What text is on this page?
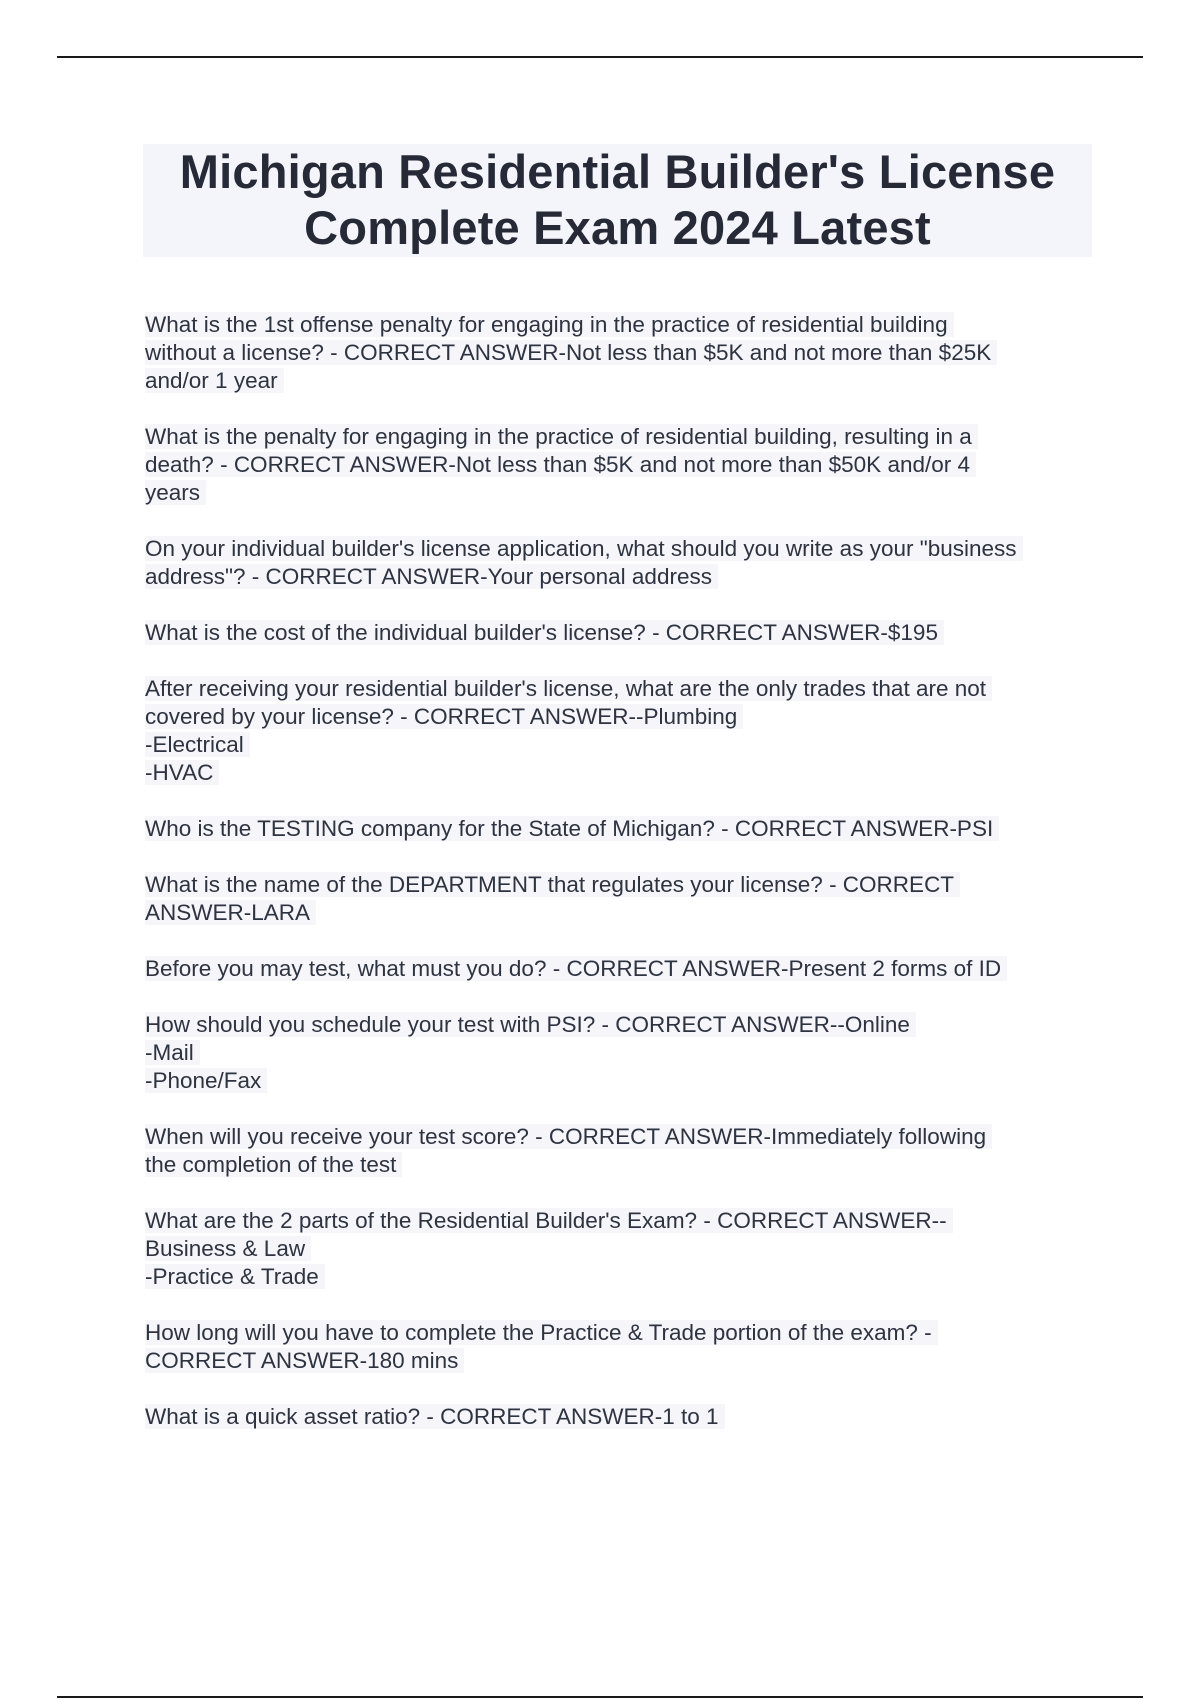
Michigan Residential Builder's License
Complete Exam 2024 Latest
What is the 1st offense penalty for engaging in the practice of residential building
without a license? - CORRECT ANSWER-Not less than $5K and not more than $25K
and/or 1 year
What is the penalty for engaging in the practice of residential building, resulting in a
death? - CORRECT ANSWER-Not less than $5K and not more than $50K and/or 4
years
On your individual builder's license application, what should you write as your "business
address"? - CORRECT ANSWER-Your personal address
What is the cost of the individual builder's license? - CORRECT ANSWER-$195
After receiving your residential builder's license, what are the only trades that are not
covered by your license? - CORRECT ANSWER--Plumbing
-Electrical
-HVAC
Who is the TESTING company for the State of Michigan? - CORRECT ANSWER-PSI
What is the name of the DEPARTMENT that regulates your license? - CORRECT
ANSWER-LARA
Before you may test, what must you do? - CORRECT ANSWER-Present 2 forms of ID
How should you schedule your test with PSI? - CORRECT ANSWER--Online
-Mail
-Phone/Fax
When will you receive your test score? - CORRECT ANSWER-Immediately following
the completion of the test
What are the 2 parts of the Residential Builder's Exam? - CORRECT ANSWER--
Business & Law
-Practice & Trade
How long will you have to complete the Practice & Trade portion of the exam? -
CORRECT ANSWER-180 mins
What is a quick asset ratio? - CORRECT ANSWER-1 to 1
